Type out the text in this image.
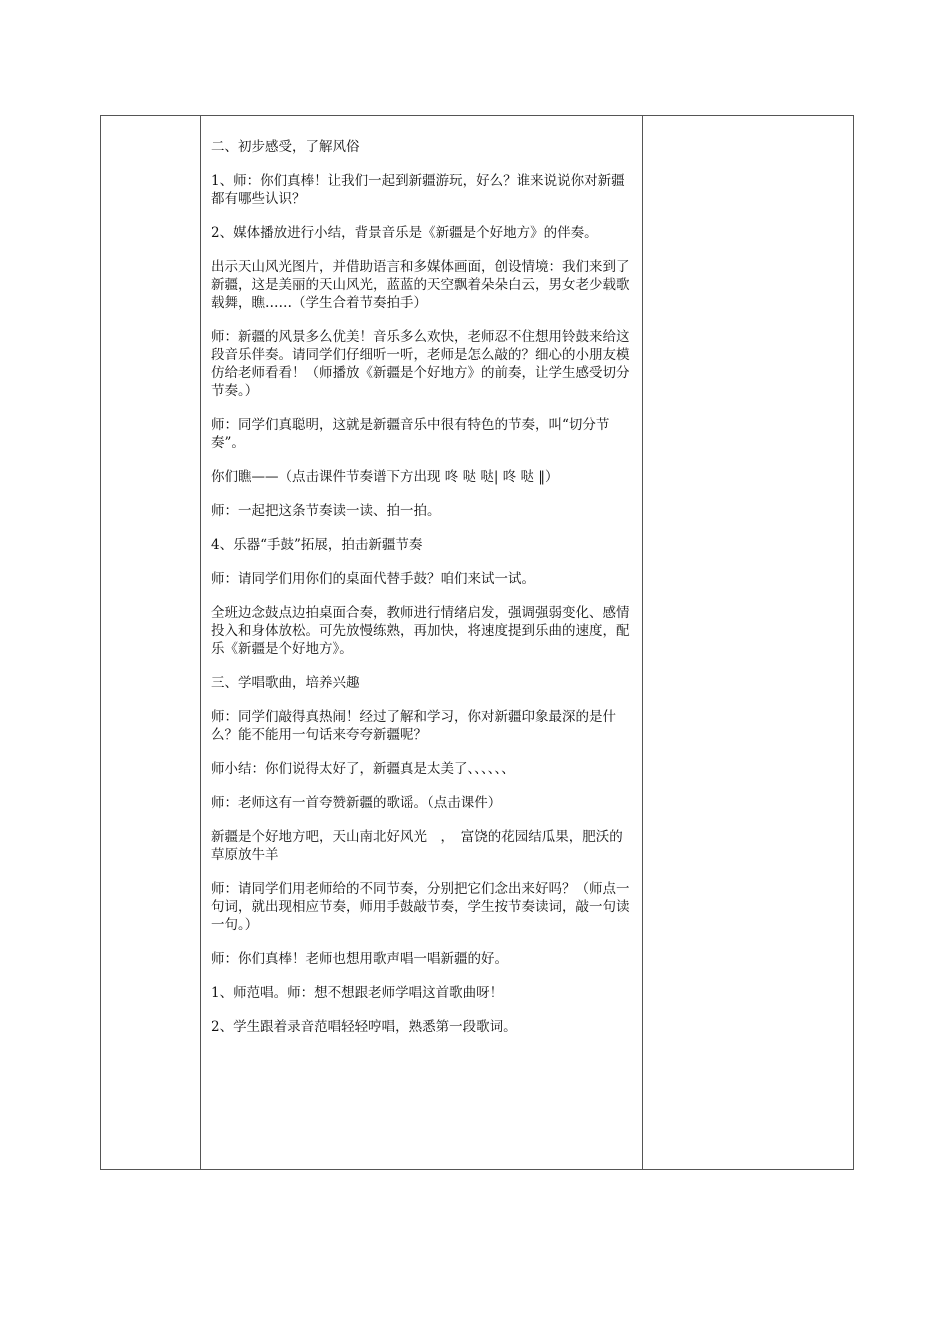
二、初步感受，了解风俗

1、师：你们真棒！让我们一起到新疆游玩，好么？谁来说说你对新疆都有哪些认识？

2、媒体播放进行小结，背景音乐是《新疆是个好地方》的伴奏。

出示天山风光图片，并借助语言和多媒体画面，创设情境：我们来到了新疆，这是美丽的天山风光，蓝蓝的天空飘着朵朵白云，男女老少载歌载舞，瞧……（学生合着节奏拍手）

师：新疆的风景多么优美！音乐多么欢快，老师忍不住想用铃鼓来给这段音乐伴奏。请同学们仔细听一听，老师是怎么敲的？细心的小朋友模仿给老师看看！（师播放《新疆是个好地方》的前奏，让学生感受切分节奏。）

师：同学们真聪明，这就是新疆音乐中很有特色的节奏，叫“切分节奏”。

你们瞧——（点击课件节奏谱下方出现 咚 哒 哒| 咚 哒 ‖）

师：一起把这条节奏读一读、拍一拍。

4、乐器“手鼓”拓展，拍击新疆节奏

师：请同学们用你们的桌面代替手鼓？咱们来试一试。

全班边念鼓点边拍桌面合奏，教师进行情绪启发，强调强弱变化、感情投入和身体放松。可先放慢练熟，再加快，将速度提到乐曲的速度，配乐《新疆是个好地方》。

三、学唱歌曲，培养兴趣

师：同学们敲得真热闹！经过了解和学习，你对新疆印象最深的是什么？能不能用一句话来夸夸新疆呢？

师小结：你们说得太好了，新疆真是太美了、、、、、、

师：老师这有一首夸赞新疆的歌谣。（点击课件）

新疆是个好地方吧，天山南北好风光　，　富饶的花园结瓜果，肥沃的草原放牛羊

师：请同学们用老师给的不同节奏，分别把它们念出来好吗？（师点一句词，就出现相应节奏，师用手鼓敲节奏，学生按节奏读词，敲一句读一句。）

师：你们真棒！老师也想用歌声唱一唱新疆的好。

1、师范唱。师：想不想跟老师学唱这首歌曲呀！

2、学生跟着录音范唱轻轻哼唱，熟悉第一段歌词。
